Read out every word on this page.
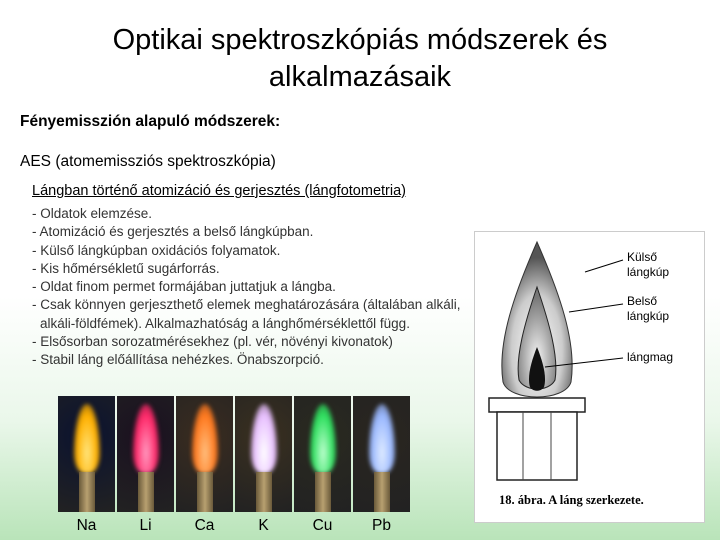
Optikai spektroszkópiás módszerek és alkalmazásaik
Fényemisszión alapuló módszerek:
AES (atomemissziós spektroszkópia)
Lángban történő atomizáció és gerjesztés (lángfotometria)
- Oldatok elemzése.
- Atomizáció és gerjesztés a belső lángkúpban.
- Külső lángkúpban oxidációs folyamatok.
- Kis hőmérsékletű sugárforrás.
- Oldat finom permet formájában juttatjuk a lángba.
- Csak könnyen gerjeszthető elemek meghatározására (általában alkáli, alkáli-földfémek). Alkalmazhatóság a lánghőmérséklettől függ.
- Elsősorban sorozatmérésekhez (pl. vér, növényi kivonatok)
- Stabil láng előállítása nehézkes. Önabszorpció.
Külső
lángkúp
Belső
lángkúp
lángmag
18. ábra. A láng szerkezete.
Na	Li	Ca	K	Cu	Pb
